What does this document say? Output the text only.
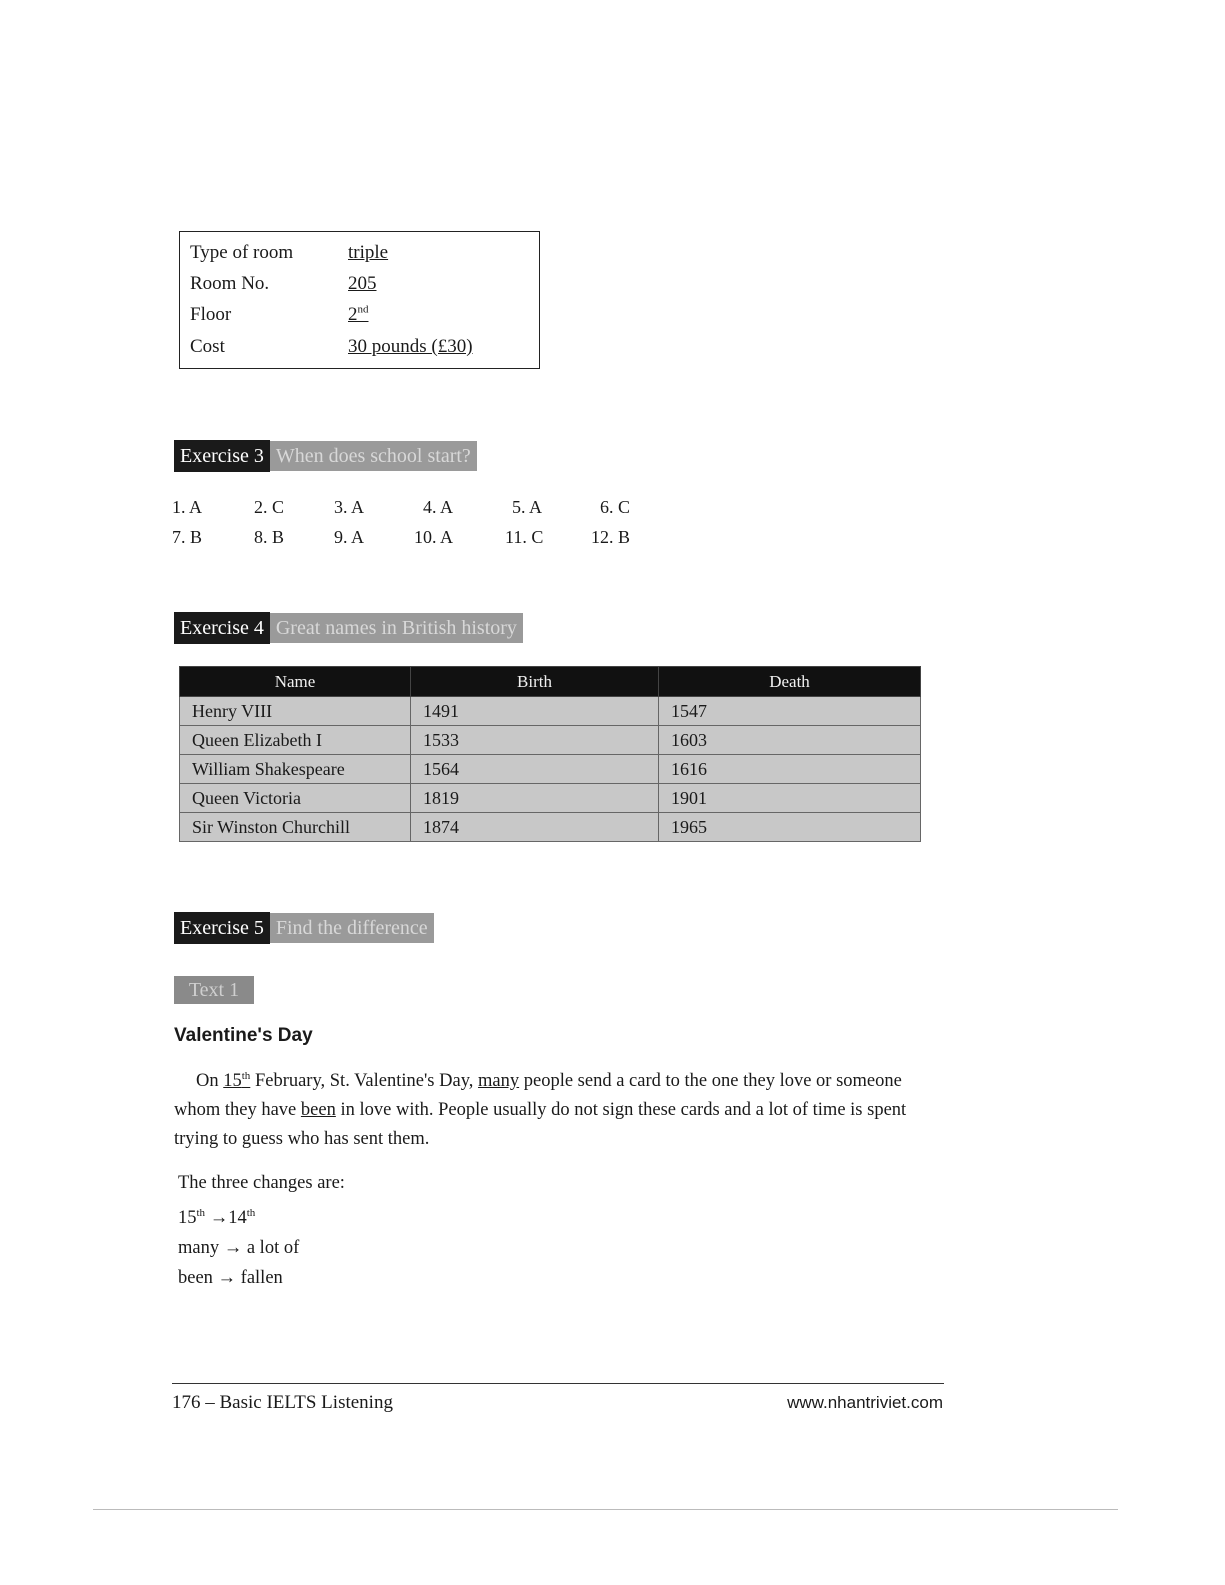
Type of room	triple
Room No.	205
Floor	2nd
Cost	30 pounds (£30)
Exercise 3 When does school start?
1. A	2. C	3. A	4. A	5. A	6. C
7. B	8. B	9. A	10. A	11. C	12. B
Exercise 4 Great names in British history
Name	Birth	Death
Henry VIII	1491	1547
Queen Elizabeth I	1533	1603
William Shakespeare	1564	1616
Queen Victoria	1819	1901
Sir Winston Churchill	1874	1965
Exercise 5 Find the difference
Text 1
Valentine's Day
On 15th February, St. Valentine's Day, many people send a card to the one they love or someone whom they have been in love with. People usually do not sign these cards and a lot of time is spent trying to guess who has sent them.
The three changes are:
15th →14th
many → a lot of
been → fallen
176 – Basic IELTS Listening	www.nhantriviet.com
